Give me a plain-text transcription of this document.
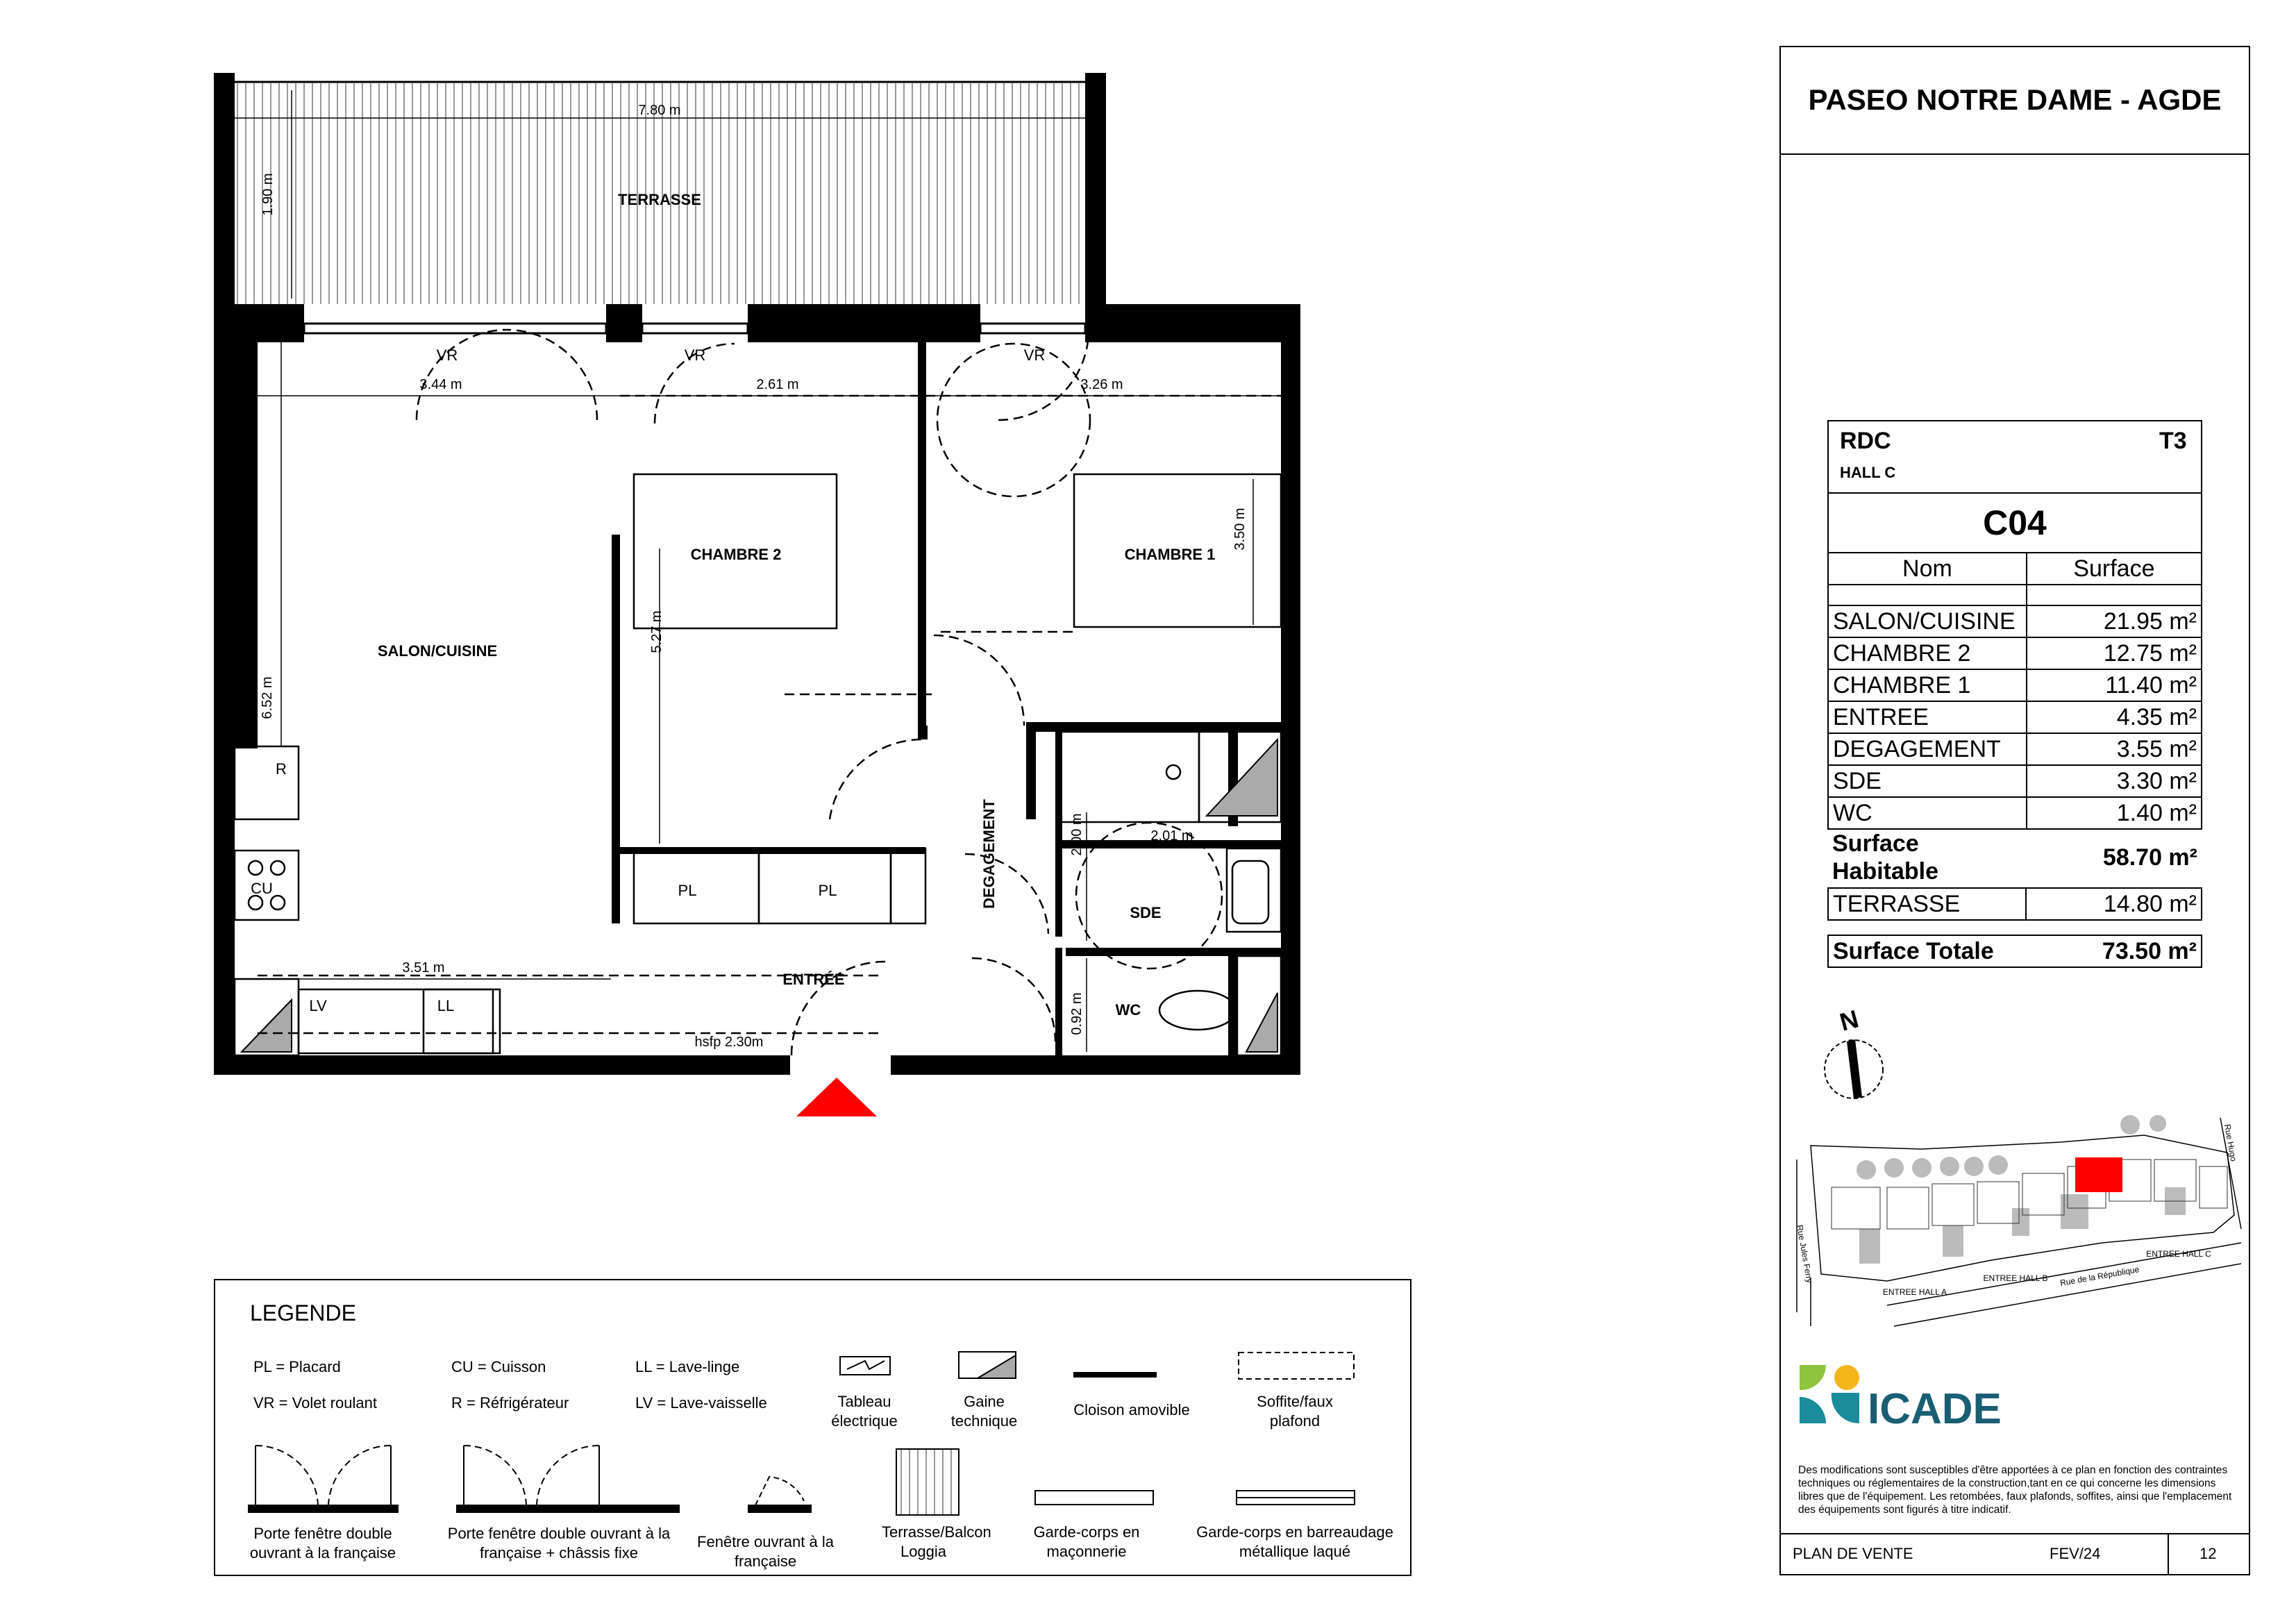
TERRASSE
SALON/CUISINE
CHAMBRE 2	CHAMBRE 1
ENTRÉE
SDE
WC
DEGAGEMENT
VR	VR	VR
R
CU
LV	LL
PL	PL
7.80 m
1.90 m
3.44 m	2.61 m	3.26 m
3.50 m
5.27 m
6.52 m
3.51 m
2.01 m
2.00 m
0.92 m
hsfp 2.30m
LEGENDE
PL = Placard
VR = Volet roulant
CU = Cuisson
R = Réfrigérateur
LL = Lave-linge
LV = Lave-vaisselle	Tableau électrique
Gaine technique
Cloison amovible	Soffite/faux plafond
Porte fenêtre double ouvrant à la française
Porte fenêtre double ouvrant à la française + châssis fixe
Fenêtre ouvrant à la française
Terrasse/Balcon Loggia
Garde-corps en maçonnerie
Garde-corps en barreaudage métallique laqué
PASEO NOTRE DAME - AGDE
RDC	T3
HALL C
C04
Nom	Surface

SALON/CUISINE	21.95 m²
CHAMBRE 2	12.75 m²
CHAMBRE 1	11.40 m²
ENTREE	4.35 m²
DEGAGEMENT	3.55 m²
SDE	3.30 m²
WC	1.40 m²
Surface Habitable	58.70 m²
TERRASSE	14.80 m²
Surface Totale	73.50 m²
N
Rue Jules Ferry	Rue de la République
Rue Hugo
ENTREE HALL A
ENTREE HALL B
ENTREE HALL C
ICADE
Des modifications sont susceptibles d'être apportées à ce plan en fonction des contraintes techniques ou réglementaires de la construction,tant en ce qui concerne les dimensions libres que de l'équipement. Les retombées, faux plafonds, soffites, ainsi que l'emplacement des équipements sont figurés à titre indicatif.
PLAN DE VENTE	FEV/24	12
